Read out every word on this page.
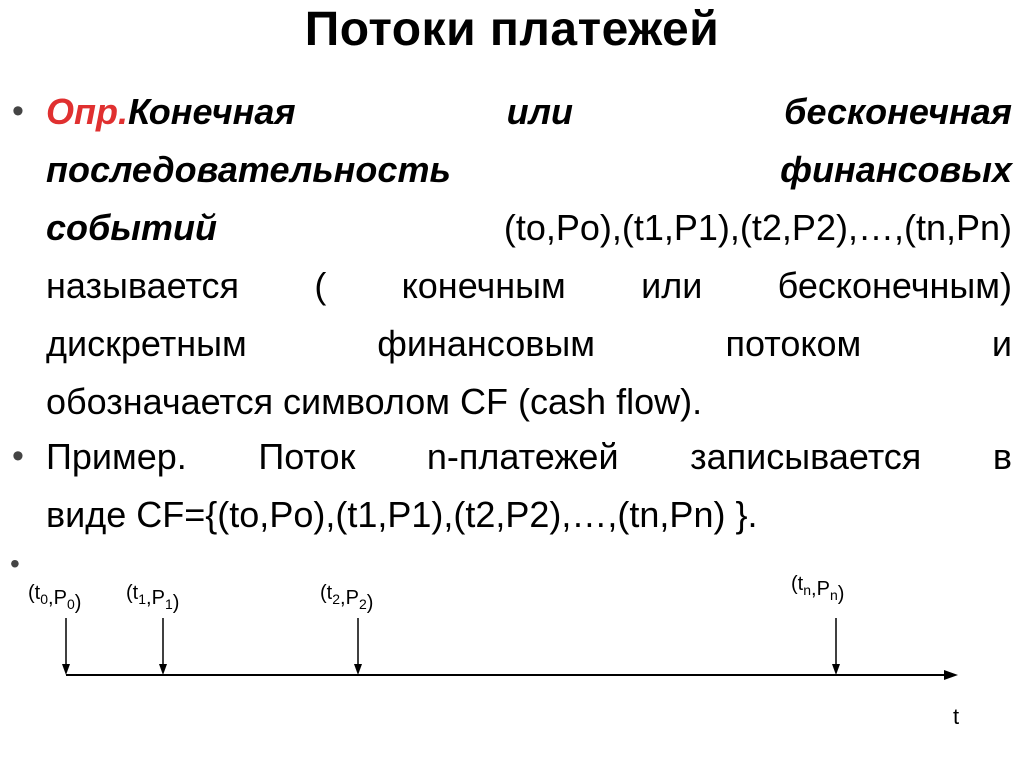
Потоки платежей
• Опр.Конечная	или	бесконечная
последовательность	финансовых
событий	(to,Po),(t1,P1),(t2,P2),…,(tn,Pn)
называется ( конечным или бесконечным)
дискретным	финансовым	потоком	и
обозначается символом CF (cash flow).
• Пример. Поток n-платежей записывается в
виде CF={(to,Po),(t1,P1),(t2,P2),…,(tn,Pn) }.
•
t
$(t_0,P_0)$ $(t_1,P_1)$	$(t_2,P_2)$
$(t_n,P_n)$
